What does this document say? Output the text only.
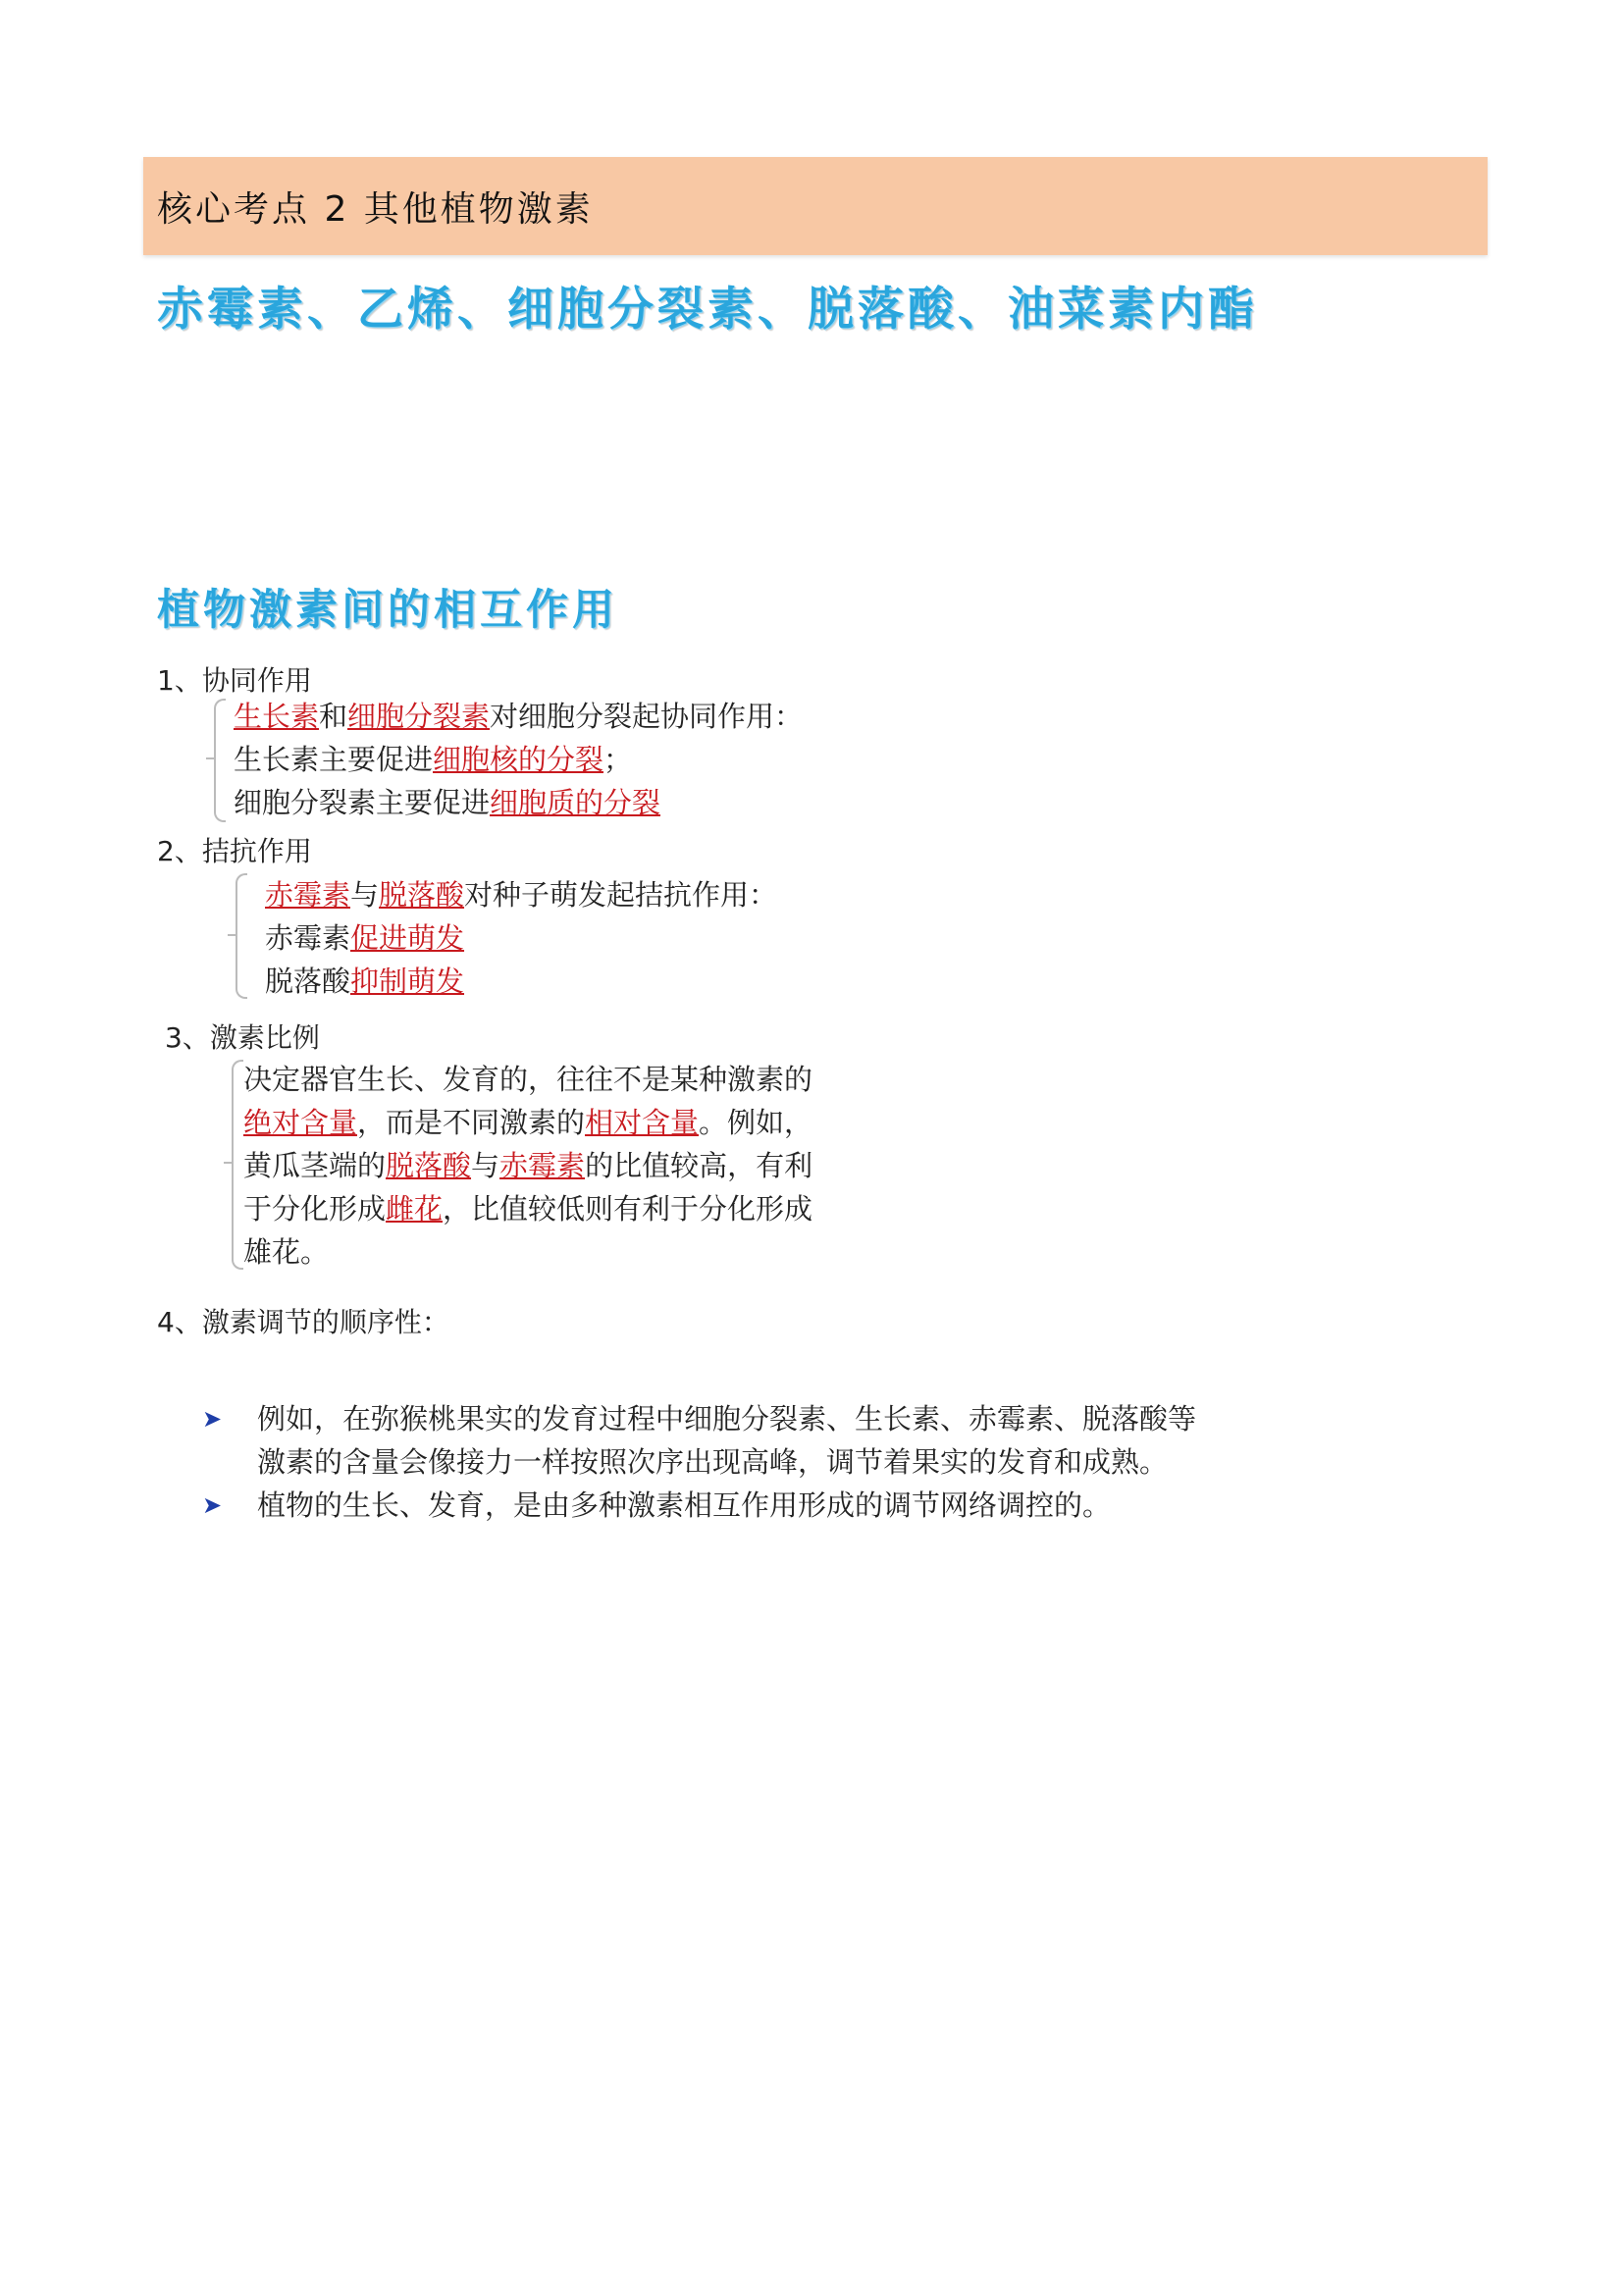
核心考点 2 其他植物激素
赤霉素、乙烯、细胞分裂素、脱落酸、油菜素内酯
植物激素间的相互作用
1、协同作用
生长素和细胞分裂素对细胞分裂起协同作用：
生长素主要促进细胞核的分裂；
细胞分裂素主要促进细胞质的分裂
2、拮抗作用
赤霉素与脱落酸对种子萌发起拮抗作用：
赤霉素促进萌发
脱落酸抑制萌发
3、激素比例
决定器官生长、发育的，往往不是某种激素的
绝对含量，而是不同激素的相对含量。例如，
黄瓜茎端的脱落酸与赤霉素的比值较高，有利
于分化形成雌花，比值较低则有利于分化形成
雄花。
4、激素调节的顺序性：
➤ 例如，在弥猴桃果实的发育过程中细胞分裂素、生长素、赤霉素、脱落酸等
激素的含量会像接力一样按照次序出现高峰，调节着果实的发育和成熟。
➤ 植物的生长、发育，是由多种激素相互作用形成的调节网络调控的。
